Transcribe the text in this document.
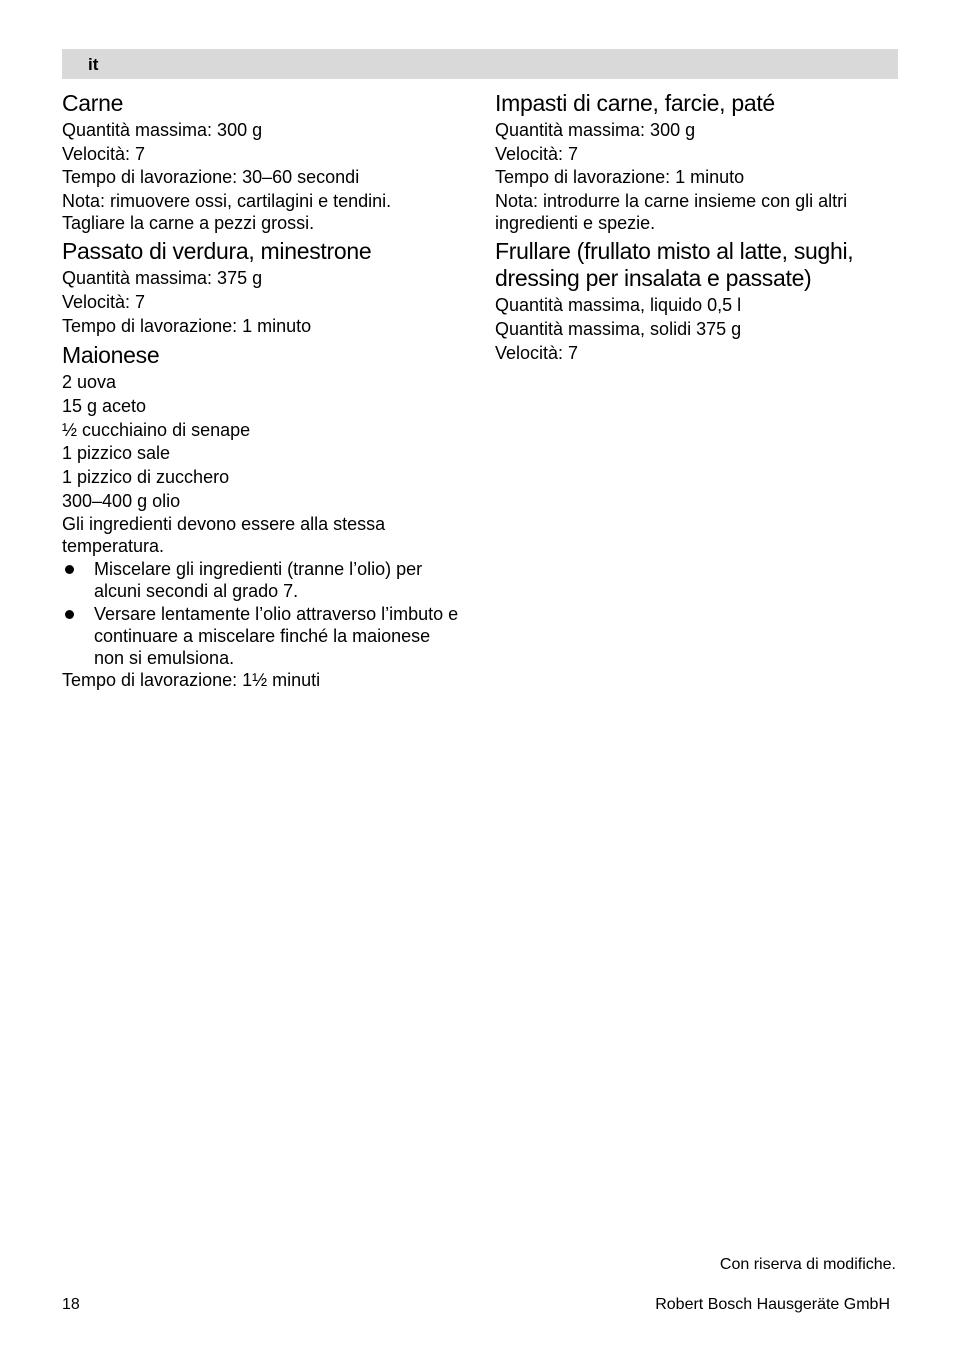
it
Carne
Quantità massima: 300 g
Velocità: 7
Tempo di lavorazione: 30–60 secondi
Nota: rimuovere ossi, cartilagini e tendini.
Tagliare la carne a pezzi grossi.
Passato di verdura, minestrone
Quantità massima: 375 g
Velocità: 7
Tempo di lavorazione: 1 minuto
Maionese
2 uova
15 g aceto
½ cucchiaino di senape
1 pizzico sale
1 pizzico di zucchero
300–400 g olio
Gli ingredienti devono essere alla stessa temperatura.
Miscelare gli ingredienti (tranne l’olio) per alcuni secondi al grado 7.
Versare lentamente l’olio attraverso l’imbuto e continuare a miscelare finché la maionese non si emulsiona.
Tempo di lavorazione: 1½ minuti
Impasti di carne, farcie, paté
Quantità massima: 300 g
Velocità: 7
Tempo di lavorazione: 1 minuto
Nota: introdurre la carne insieme con gli altri ingredienti e spezie.
Frullare (frullato misto al latte, sughi, dressing per insalata e passate)
Quantità massima, liquido 0,5 l
Quantità massima, solidi 375 g
Velocità: 7
Con riserva di modifiche.
18	Robert Bosch Hausgeräte GmbH
